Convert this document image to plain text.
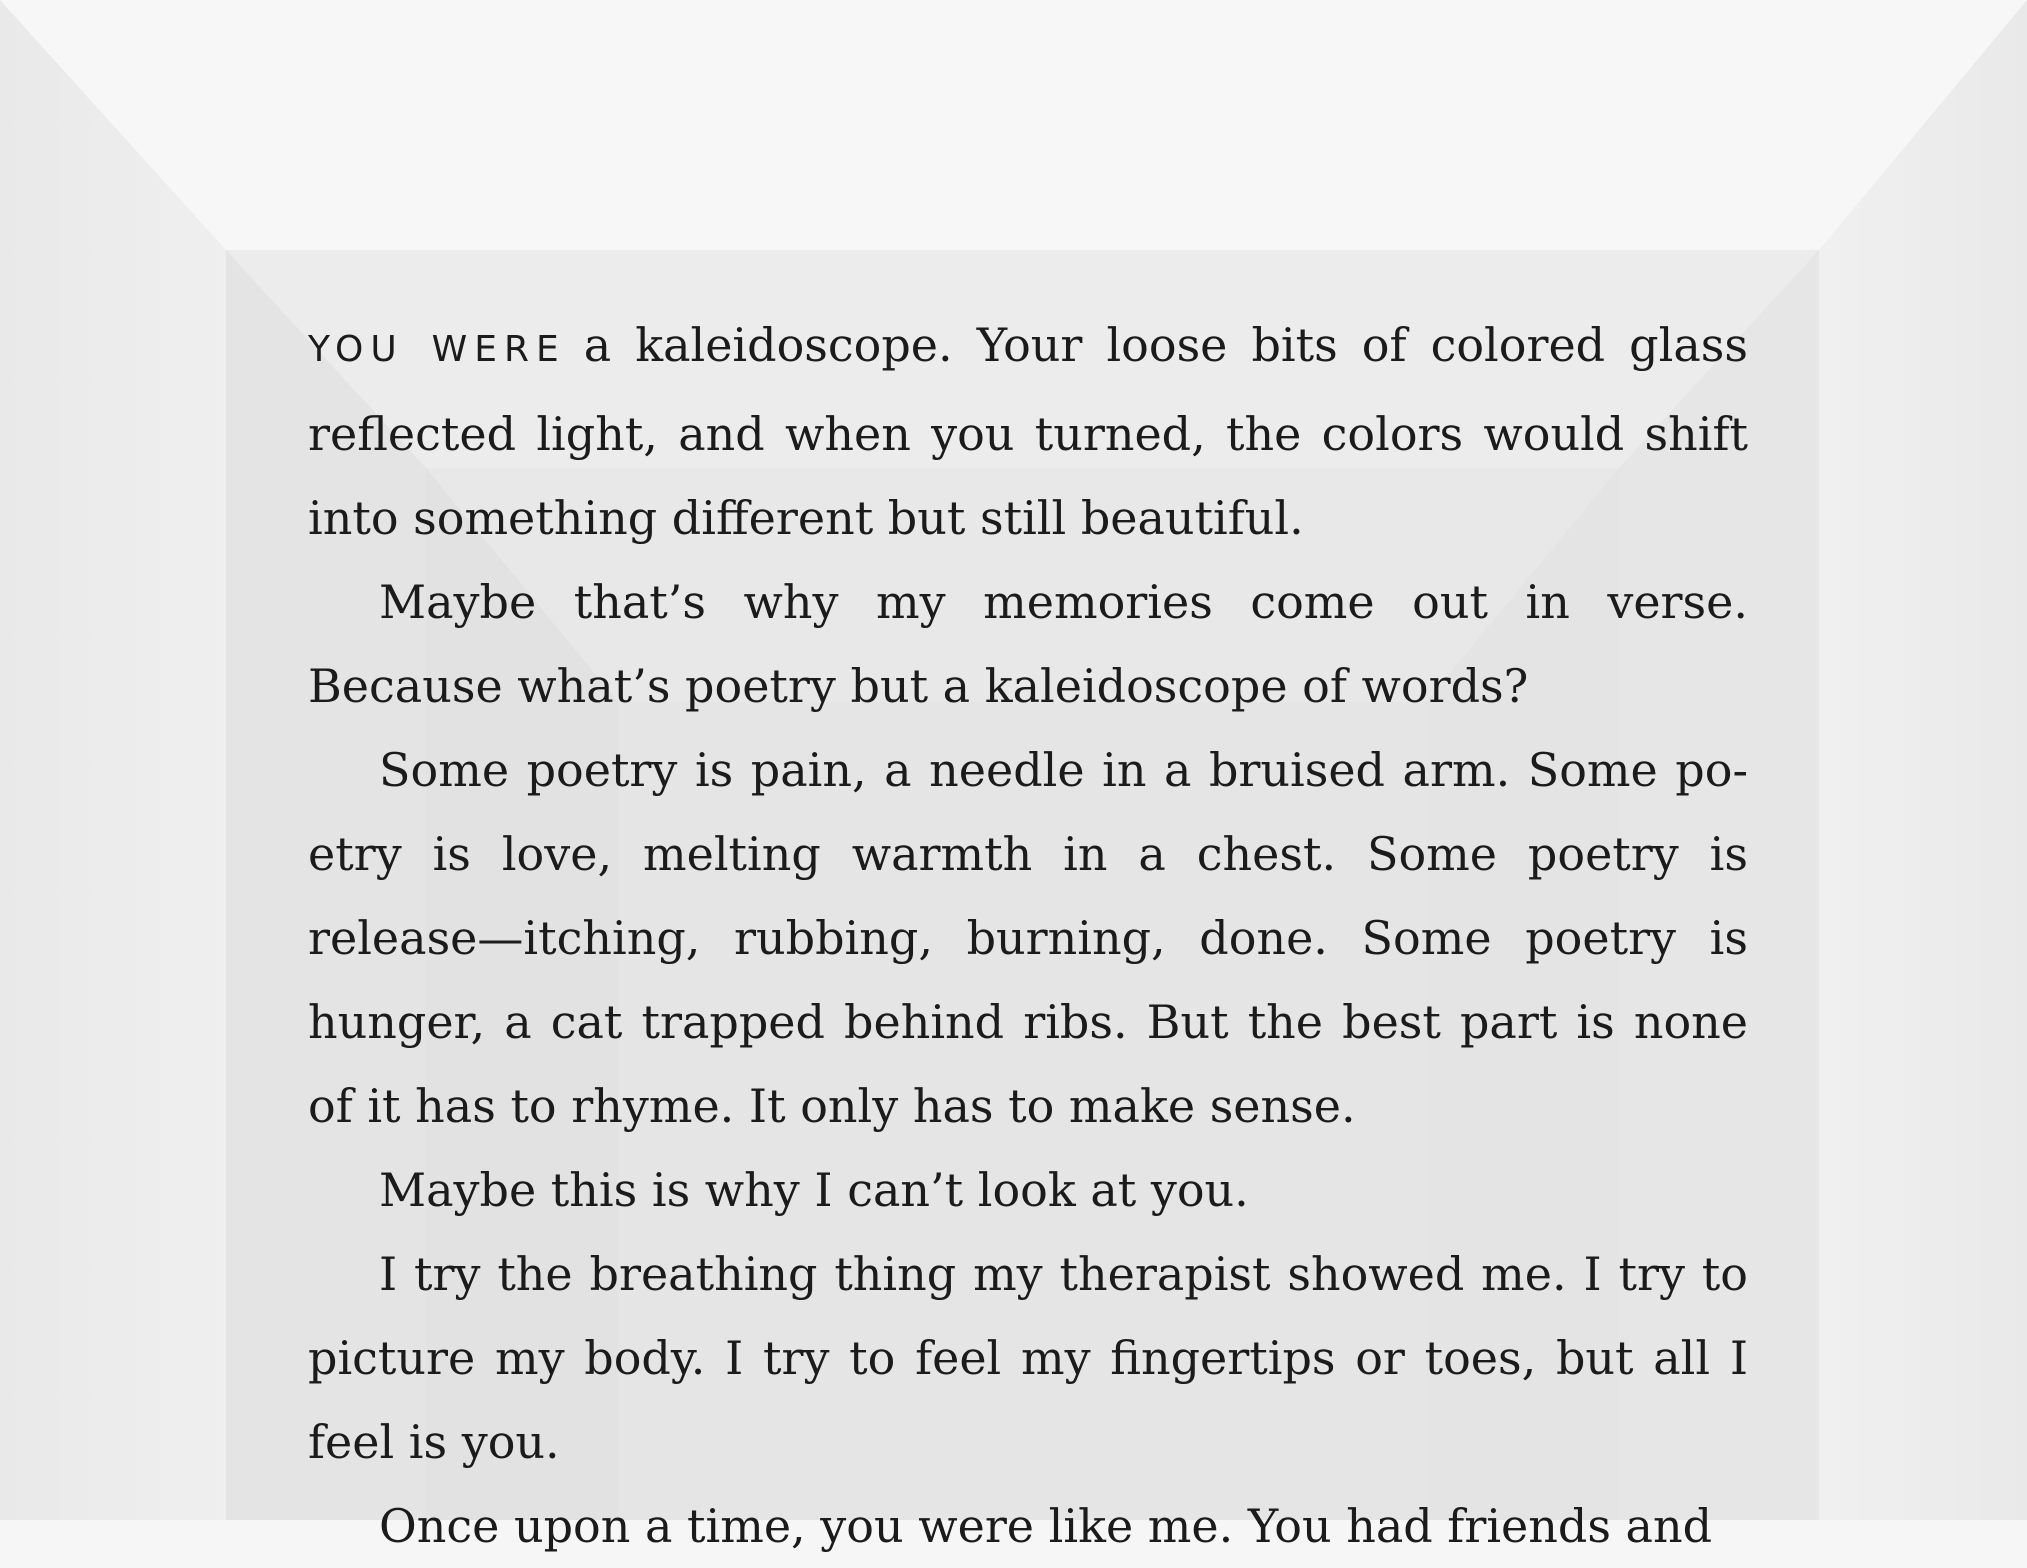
YOU WERE a kaleidoscope. Your loose bits of colored glass reflected light, and when you turned, the colors would shift into something different but still beautiful.

Maybe that’s why my memories come out in verse. Because what’s poetry but a kaleidoscope of words?

Some poetry is pain, a needle in a bruised arm. Some po-etry is love, melting warmth in a chest. Some poetry is release—itching, rubbing, burning, done. Some poetry is hunger, a cat trapped behind ribs. But the best part is none of it has to rhyme. It only has to make sense.

Maybe this is why I can’t look at you.

I try the breathing thing my therapist showed me. I try to picture my body. I try to feel my fingertips or toes, but all I feel is you.

Once upon a time, you were like me. You had friends and
